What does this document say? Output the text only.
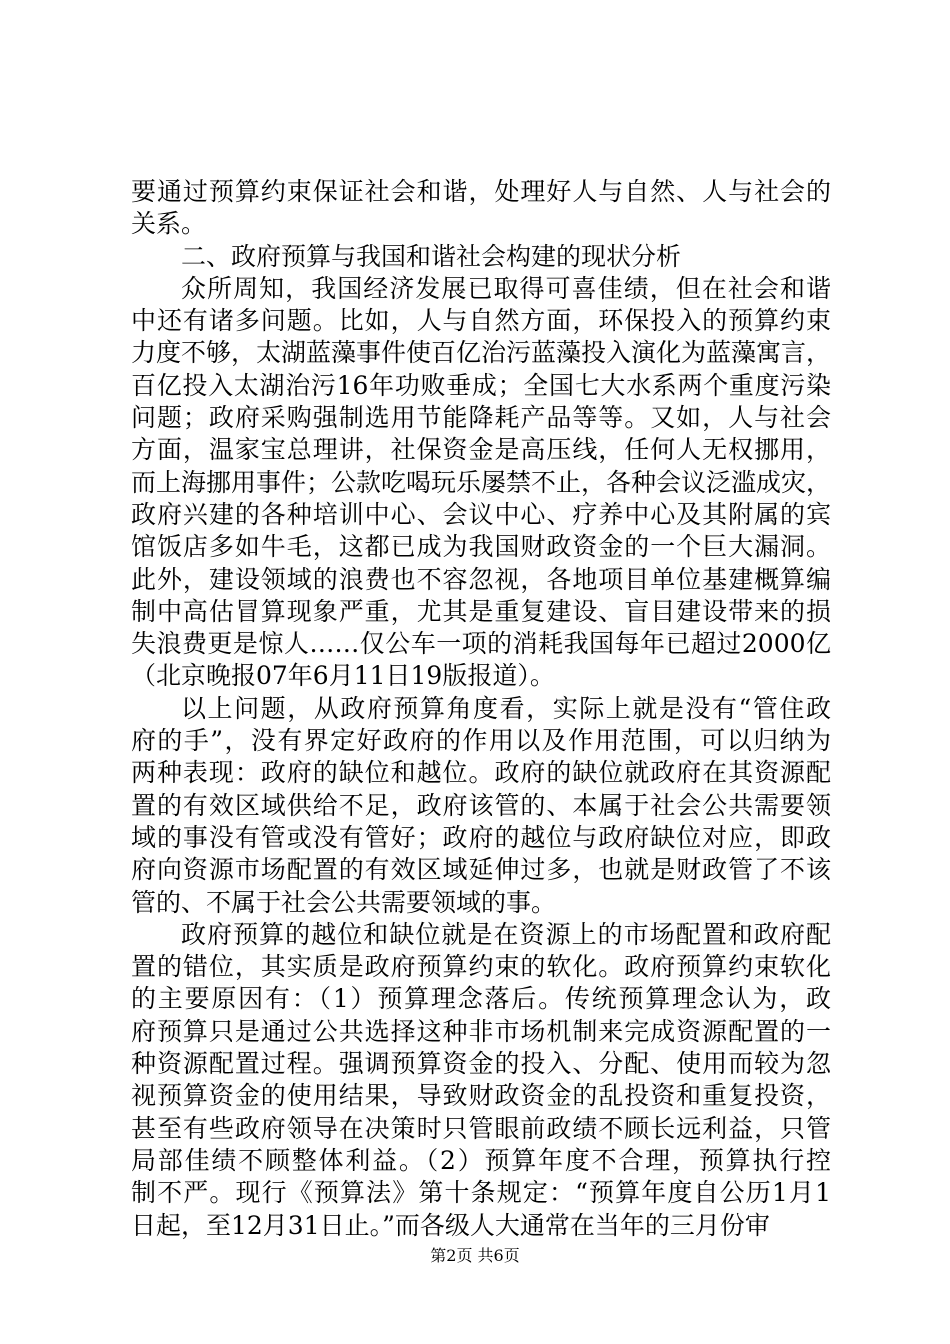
要通过预算约束保证社会和谐，处理好人与自然、人与社会的
关系。
二、政府预算与我国和谐社会构建的现状分析
众所周知，我国经济发展已取得可喜佳绩，但在社会和谐
中还有诸多问题。比如，人与自然方面，环保投入的预算约束
力度不够，太湖蓝藻事件使百亿治污蓝藻投入演化为蓝藻寓言，
百亿投入太湖治污16年功败垂成；全国七大水系两个重度污染
问题；政府采购强制选用节能降耗产品等等。又如，人与社会
方面，温家宝总理讲，社保资金是高压线，任何人无权挪用，
而上海挪用事件；公款吃喝玩乐屡禁不止，各种会议泛滥成灾，
政府兴建的各种培训中心、会议中心、疗养中心及其附属的宾
馆饭店多如牛毛，这都已成为我国财政资金的一个巨大漏洞。
此外，建设领域的浪费也不容忽视，各地项目单位基建概算编
制中高估冒算现象严重，尤其是重复建设、盲目建设带来的损
失浪费更是惊人……仅公车一项的消耗我国每年已超过2000亿
（北京晚报07年6月11日19版报道）。
以上问题，从政府预算角度看，实际上就是没有“管住政
府的手”，没有界定好政府的作用以及作用范围，可以归纳为
两种表现：政府的缺位和越位。政府的缺位就政府在其资源配
置的有效区域供给不足，政府该管的、本属于社会公共需要领
域的事没有管或没有管好；政府的越位与政府缺位对应，即政
府向资源市场配置的有效区域延伸过多，也就是财政管了不该
管的、不属于社会公共需要领域的事。
政府预算的越位和缺位就是在资源上的市场配置和政府配
置的错位，其实质是政府预算约束的软化。政府预算约束软化
的主要原因有：（1）预算理念落后。传统预算理念认为，政
府预算只是通过公共选择这种非市场机制来完成资源配置的一
种资源配置过程。强调预算资金的投入、分配、使用而较为忽
视预算资金的使用结果，导致财政资金的乱投资和重复投资，
甚至有些政府领导在决策时只管眼前政绩不顾长远利益，只管
局部佳绩不顾整体利益。（2）预算年度不合理，预算执行控
制不严。现行《预算法》第十条规定：“预算年度自公历1月1
日起，至12月31日止。”而各级人大通常在当年的三月份审
第2页 共6页
